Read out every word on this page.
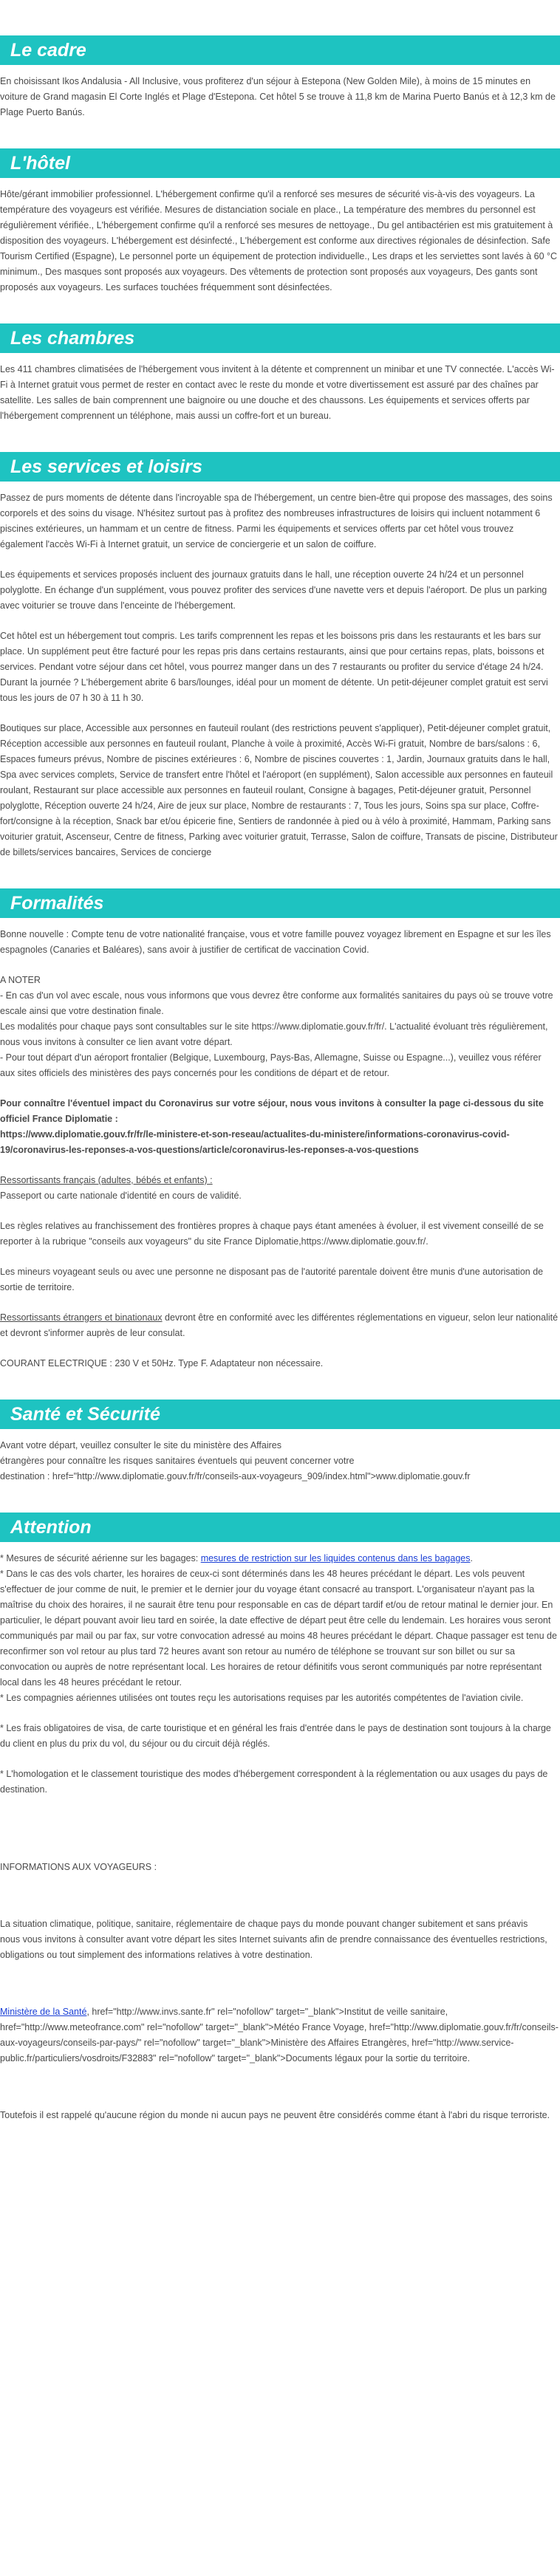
Le cadre

En choisissant Ikos Andalusia - All Inclusive, vous profiterez d'un séjour à Estepona (New Golden Mile), à moins de 15 minutes en voiture de Grand magasin El Corte Inglés et Plage d'Estepona. Cet hôtel 5 se trouve à 11,8 km de Marina Puerto Banús et à 12,3 km de Plage Puerto Banús.

L'hôtel

Hôte/gérant immobilier professionnel. L'hébergement confirme qu'il a renforcé ses mesures de sécurité vis-à-vis des voyageurs. La température des voyageurs est vérifiée. Mesures de distanciation sociale en place., La température des membres du personnel est régulièrement vérifiée., L'hébergement confirme qu'il a renforcé ses mesures de nettoyage., Du gel antibactérien est mis gratuitement à disposition des voyageurs. L'hébergement est désinfecté., L'hébergement est conforme aux directives régionales de désinfection. Safe Tourism Certified (Espagne), Le personnel porte un équipement de protection individuelle., Les draps et les serviettes sont lavés à 60 °C minimum., Des masques sont proposés aux voyageurs. Des vêtements de protection sont proposés aux voyageurs, Des gants sont proposés aux voyageurs. Les surfaces touchées fréquemment sont désinfectées.

Les chambres

Les 411 chambres climatisées de l'hébergement vous invitent à la détente et comprennent un minibar et une TV connectée. L'accès Wi-Fi à Internet gratuit vous permet de rester en contact avec le reste du monde et votre divertissement est assuré par des chaînes par satellite. Les salles de bain comprennent une baignoire ou une douche et des chaussons. Les équipements et services offerts par l'hébergement comprennent un téléphone, mais aussi un coffre-fort et un bureau.

Les services et loisirs

Passez de purs moments de détente dans l'incroyable spa de l'hébergement, un centre bien-être qui propose des massages, des soins corporels et des soins du visage. N'hésitez surtout pas à profitez des nombreuses infrastructures de loisirs qui incluent notamment 6 piscines extérieures, un hammam et un centre de fitness. Parmi les équipements et services offerts par cet hôtel vous trouvez également l'accès Wi-Fi à Internet gratuit, un service de conciergerie et un salon de coiffure.

Les équipements et services proposés incluent des journaux gratuits dans le hall, une réception ouverte 24 h/24 et un personnel polyglotte. En échange d'un supplément, vous pouvez profiter des services d'une navette vers et depuis l'aéroport. De plus un parking avec voiturier se trouve dans l'enceinte de l'hébergement.

Cet hôtel est un hébergement tout compris. Les tarifs comprennent les repas et les boissons pris dans les restaurants et les bars sur place. Un supplément peut être facturé pour les repas pris dans certains restaurants, ainsi que pour certains repas, plats, boissons et services. Pendant votre séjour dans cet hôtel, vous pourrez manger dans un des 7 restaurants ou profiter du service d'étage 24 h/24. Durant la journée ? L'hébergement abrite 6 bars/lounges, idéal pour un moment de détente. Un petit-déjeuner complet gratuit est servi tous les jours de 07 h 30 à 11 h 30.

Boutiques sur place, Accessible aux personnes en fauteuil roulant (des restrictions peuvent s'appliquer), Petit-déjeuner complet gratuit, Réception accessible aux personnes en fauteuil roulant, Planche à voile à proximité, Accès Wi-Fi gratuit, Nombre de bars/salons : 6, Espaces fumeurs prévus, Nombre de piscines extérieures : 6, Nombre de piscines couvertes : 1, Jardin, Journaux gratuits dans le hall, Spa avec services complets, Service de transfert entre l'hôtel et l'aéroport (en supplément), Salon accessible aux personnes en fauteuil roulant, Restaurant sur place accessible aux personnes en fauteuil roulant, Consigne à bagages, Petit-déjeuner gratuit, Personnel polyglotte, Réception ouverte 24 h/24, Aire de jeux sur place, Nombre de restaurants : 7, Tous les jours, Soins spa sur place, Coffre-fort/consigne à la réception, Snack bar et/ou épicerie fine, Sentiers de randonnée à pied ou à vélo à proximité, Hammam, Parking sans voiturier gratuit, Ascenseur, Centre de fitness, Parking avec voiturier gratuit, Terrasse, Salon de coiffure, Transats de piscine, Distributeur de billets/services bancaires, Services de concierge

Formalités

Bonne nouvelle : Compte tenu de votre nationalité française, vous et votre famille pouvez voyagez librement en Espagne et sur les îles espagnoles (Canaries et Baléares), sans avoir à justifier de certificat de vaccination Covid.

A NOTER
- En cas d'un vol avec escale, nous vous informons que vous devrez être conforme aux formalités sanitaires du pays où se trouve votre escale ainsi que votre destination finale.
Les modalités pour chaque pays sont consultables sur le site https://www.diplomatie.gouv.fr/fr/. L'actualité évoluant très régulièrement, nous vous invitons à consulter ce lien avant votre départ.
- Pour tout départ d'un aéroport frontalier (Belgique, Luxembourg, Pays-Bas, Allemagne, Suisse ou Espagne...), veuillez vous référer aux sites officiels des ministères des pays concernés pour les conditions de départ et de retour.
Pour connaître l'éventuel impact du Coronavirus sur votre séjour, nous vous invitons à consulter la page ci-dessous du site officiel France Diplomatie :
https://www.diplomatie.gouv.fr/fr/le-ministere-et-son-reseau/actualites-du-ministere/informations-coronavirus-covid-19/coronavirus-les-reponses-a-vos-questions/article/coronavirus-les-reponses-a-vos-questions
Ressortissants français (adultes, bébés et enfants) :
Passeport ou carte nationale d'identité en cours de validité.

Les règles relatives au franchissement des frontières propres à chaque pays étant amenées à évoluer, il est vivement conseillé de se reporter à la rubrique "conseils aux voyageurs" du site France Diplomatie,https://www.diplomatie.gouv.fr/.

Les mineurs voyageant seuls ou avec une personne ne disposant pas de l'autorité parentale doivent être munis d'une autorisation de sortie de territoire.

Ressortissants étrangers et binationaux devront être en conformité avec les différentes réglementations en vigueur, selon leur nationalité et devront s'informer auprès de leur consulat.

COURANT ELECTRIQUE : 230 V et 50Hz. Type F. Adaptateur non nécessaire.

Santé et Sécurité
Avant votre départ, veuillez consulter le site du ministère des Affaires
étrangères pour connaître les risques sanitaires éventuels qui peuvent concerner votre
destination : href="http://www.diplomatie.gouv.fr/fr/conseils-aux-voyageurs_909/index.html">www.diplomatie.gouv.fr
Attention
* Mesures de sécurité aérienne sur les bagages: mesures de restriction sur les liquides contenus dans les bagages.
* Dans le cas des vols charter, les horaires de ceux-ci sont déterminés dans les 48 heures précédant le départ. Les vols peuvent s'effectuer de jour comme de nuit, le premier et le dernier jour du voyage étant consacré au transport. L'organisateur n'ayant pas la maîtrise du choix des horaires, il ne saurait être tenu pour responsable en cas de départ tardif et/ou de retour matinal le dernier jour. En particulier, le départ pouvant avoir lieu tard en soirée, la date effective de départ peut être celle du lendemain. Les horaires vous seront communiqués par mail ou par fax, sur votre convocation adressé au moins 48 heures précédant le départ. Chaque passager est tenu de reconfirmer son vol retour au plus tard 72 heures avant son retour au numéro de téléphone se trouvant sur son billet ou sur sa convocation ou auprès de notre représentant local. Les horaires de retour définitifs vous seront communiqués par notre représentant local dans les 48 heures précédant le retour.
* Les compagnies aériennes utilisées ont toutes reçu les autorisations requises par les autorités compétentes de l'aviation civile.

* Les frais obligatoires de visa, de carte touristique et en général les frais d'entrée dans le pays de destination sont toujours à la charge du client en plus du prix du vol, du séjour ou du circuit déjà réglés.

* L'homologation et le classement touristique des modes d'hébergement correspondent à la réglementation ou aux usages du pays de destination.

INFORMATIONS AUX VOYAGEURS :

La situation climatique, politique, sanitaire, réglementaire de chaque pays du monde pouvant changer subitement et sans préavis
nous vous invitons à consulter avant votre départ les sites Internet suivants afin de prendre connaissance des éventuelles restrictions, obligations ou tout simplement des informations relatives à votre destination.

Ministère de la Santé, href="http://www.invs.sante.fr" rel="nofollow" target="_blank">Institut de veille sanitaire, href="http://www.meteofrance.com" rel="nofollow" target="_blank">Météo France Voyage, href="http://www.diplomatie.gouv.fr/fr/conseils-aux-voyageurs/conseils-par-pays/" rel="nofollow" target="_blank">Ministère des Affaires Etrangères, href="http://www.service-public.fr/particuliers/vosdroits/F32883" rel="nofollow" target="_blank">Documents légaux pour la sortie du territoire.

Toutefois il est rappelé qu'aucune région du monde ni aucun pays ne peuvent être considérés comme étant à l'abri du risque terroriste.
